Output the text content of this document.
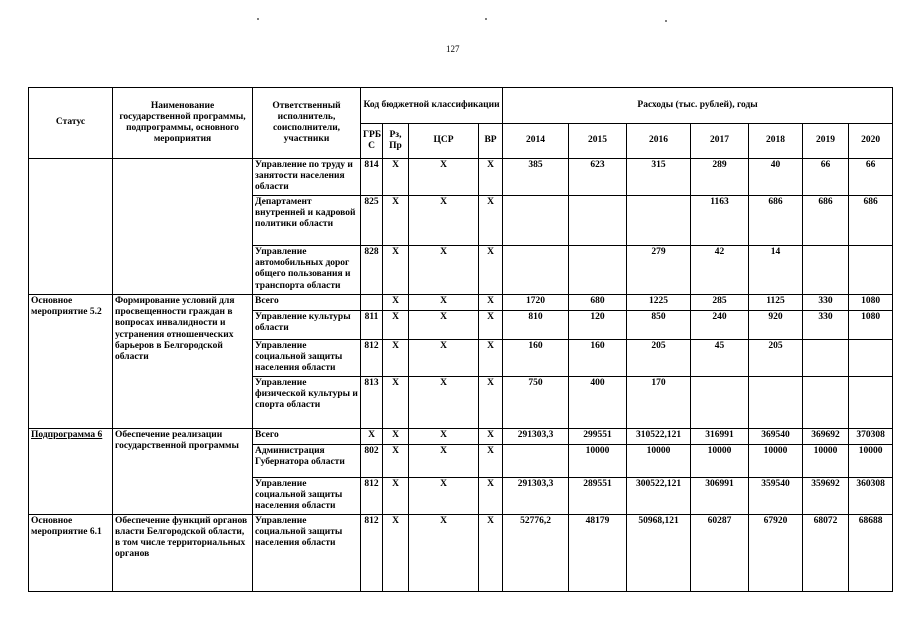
127
Статус	Наименование государственной программы, подпрограммы, основного мероприятия	Ответственный исполнитель, соисполнители, участники	Код бюджетной классификации				Расходы (тыс. рублей), годы						
			ГРБ С	Рз, Пр	ЦСР	ВР	2014	2015	2016	2017	2018	2019	2020
		Управление по труду и занятости населения области	814	X	X	X	385	623	315	289	40	66	66
		Департамент внутренней и кадровой политики области	825	X	X	X				1163	686	686	686
		Управление автомобильных дорог общего пользования и транспорта области	828	X	X	X			279	42	14		
Основное мероприятие 5.2	Формирование условий для просвещенности граждан в вопросах инвалидности и устранения отношенческих барьеров в Белгородской области	Всего		X	X	X	1720	680	1225	285	1125	330	1080
		Управление культуры области	811	X	X	X	810	120	850	240	920	330	1080
		Управление социальной защиты населения области	812	X	X	X	160	160	205	45	205		
		Управление физической культуры и спорта области	813	X	X	X	750	400	170				
Подпрограмма 6	Обеспечение реализации государственной программы	Всего	X	X	X	X	291303,3	299551	310522,121	316991	369540	369692	370308
		Администрация Губернатора области	802	X	X	X		10000	10000	10000	10000	10000	10000
		Управление социальной защиты населения области	812	X	X	X	291303,3	289551	300522,121	306991	359540	359692	360308
Основное мероприятие 6.1	Обеспечение функций органов власти Белгородской области, в том числе территориальных органов	Управление социальной защиты населения области	812	X	X	X	52776,2	48179	50968,121	60287	67920	68072	68688
